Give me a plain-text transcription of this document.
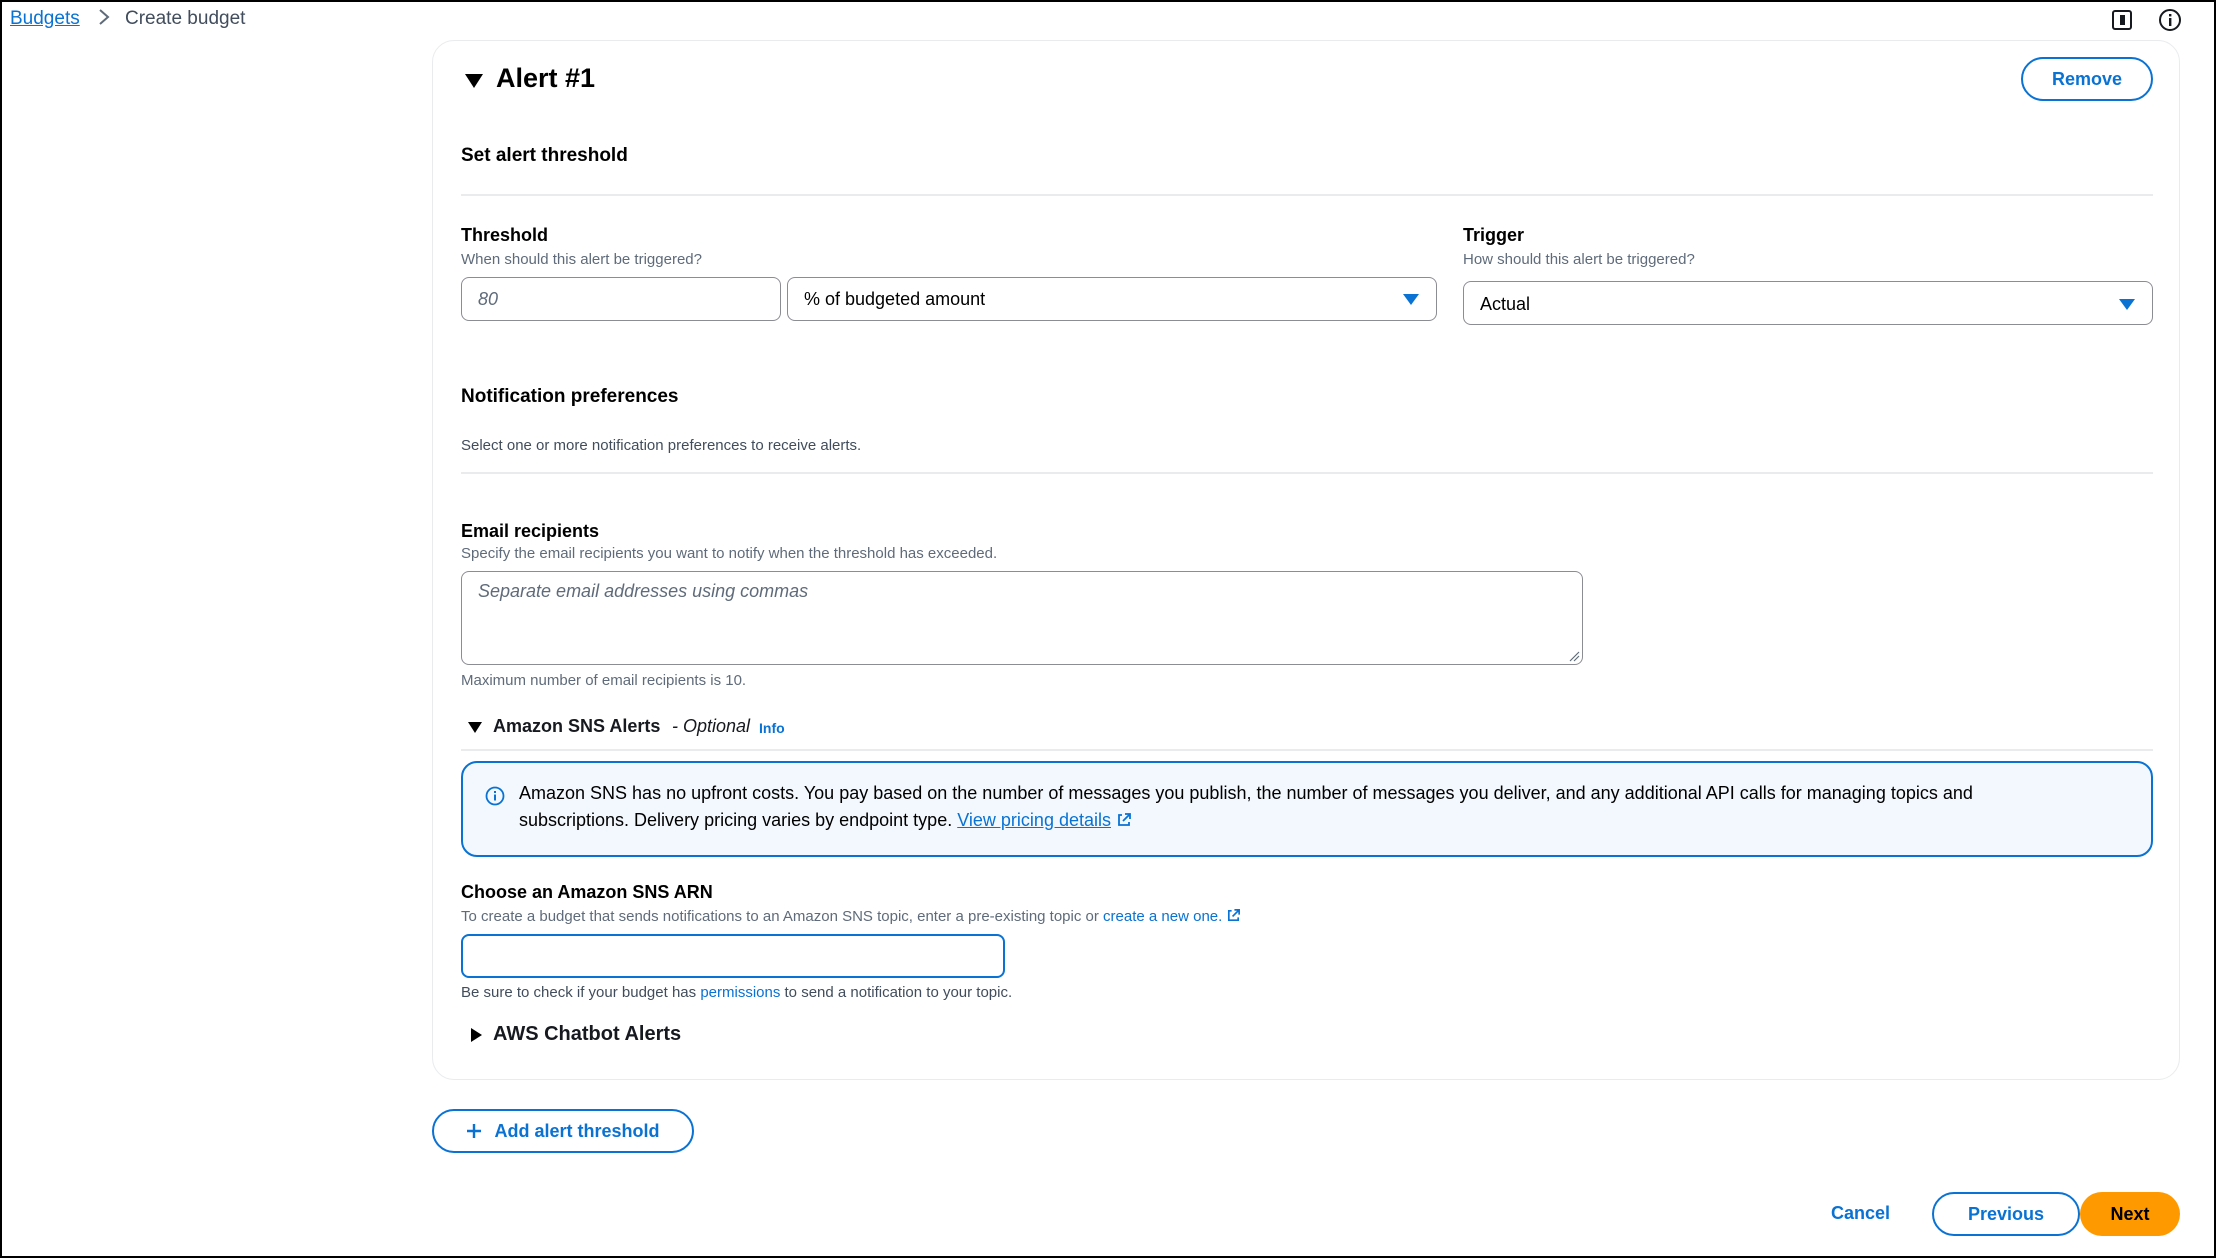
Budgets Create budget
Alert #1	Remove
Set alert threshold
Threshold
When should this alert be triggered?
80	% of budgeted amount
Trigger
How should this alert be triggered?
Actual
Notification preferences
Select one or more notification preferences to receive alerts.
Email recipients
Specify the email recipients you want to notify when the threshold has exceeded.
Separate email addresses using commas
Maximum number of email recipients is 10.
Amazon SNS Alerts - Optional Info
Amazon SNS has no upfront costs. You pay based on the number of messages you publish, the number of messages you deliver, and any additional API calls for managing topics and
subscriptions. Delivery pricing varies by endpoint type. View pricing details
Choose an Amazon SNS ARN
To create a budget that sends notifications to an Amazon SNS topic, enter a pre-existing topic or create a new one.
Be sure to check if your budget has permissions to send a notification to your topic.
AWS Chatbot Alerts
Add alert threshold
Cancel	Previous	Next
